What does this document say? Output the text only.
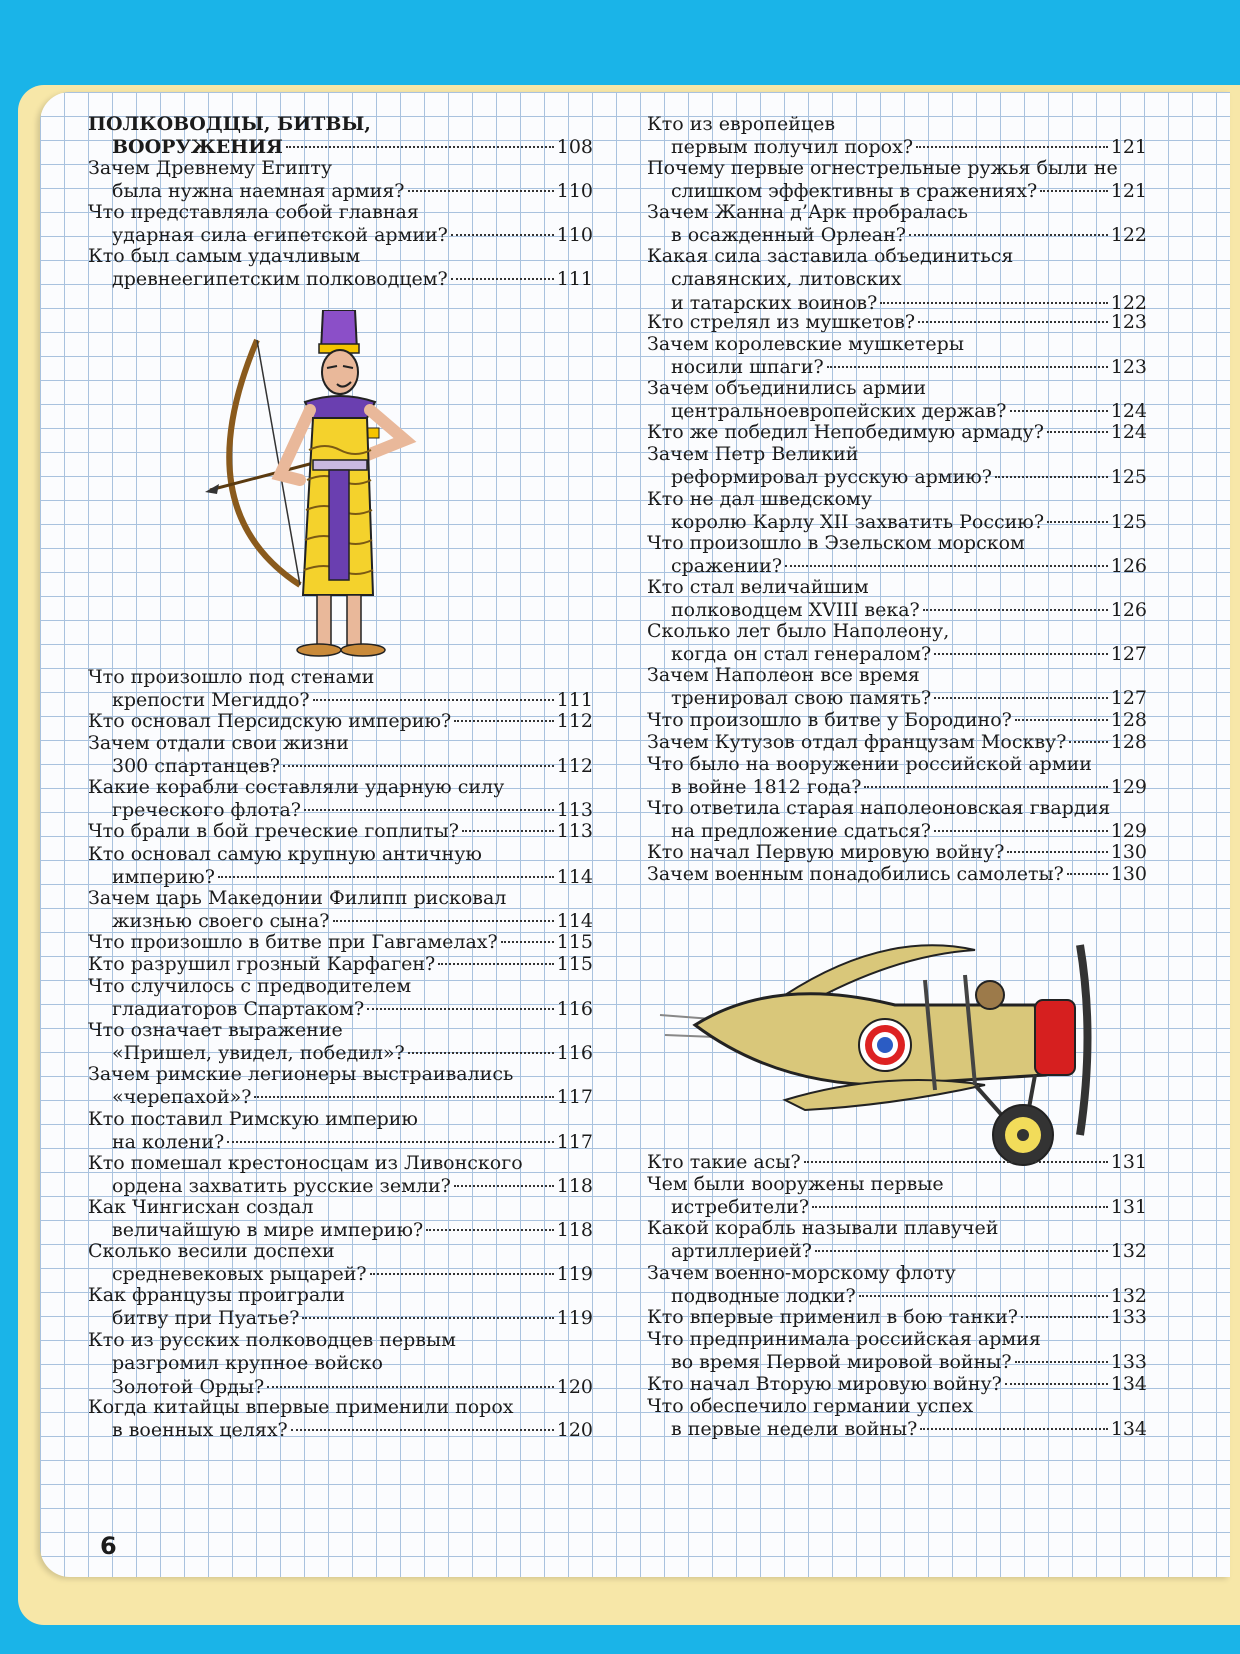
ПОЛКОВОДЦЫ, БИТВЫ,
ВООРУЖЕНИЯ	108
Зачем Древнему Египту
была нужна наемная армия?	110
Что представляла собой главная
ударная сила египетской армии?	110
Кто был самым удачливым
древнеегипетским полководцем?	111
Что произошло под стенами
крепости Мегиддо?	111
Кто основал Персидскую империю?	112
Зачем отдали свои жизни
300 спартанцев?	112
Какие корабли составляли ударную силу
греческого флота?	113
Что брали в бой греческие гоплиты?	113
Кто основал самую крупную античную
империю?	114
Зачем царь Македонии Филипп рисковал
жизнью своего сына?	114
Что произошло в битве при Гавгамелах?	115
Кто разрушил грозный Карфаген?	115
Что случилось с предводителем
гладиаторов Спартаком?	116
Что означает выражение
«Пришел, увидел, победил»?	116
Зачем римские легионеры выстраивались
«черепахой»?	117
Кто поставил Римскую империю
на колени?	117
Кто помешал крестоносцам из Ливонского
ордена захватить русские земли?	118
Как Чингисхан создал
величайшую в мире империю?	118
Сколько весили доспехи
средневековых рыцарей?	119
Как французы проиграли
битву при Пуатье?	119
Кто из русских полководцев первым
разгромил крупное войско
Золотой Орды?	120
Когда китайцы впервые применили порох
в военных целях?	120
Кто из европейцев
первым получил порох?	121
Почему первые огнестрельные ружья были не
слишком эффективны в сражениях?	121
Зачем Жанна д’Арк пробралась
в осажденный Орлеан?	122
Какая сила заставила объединиться
славянских, литовских
и татарских воинов?	122
Кто стрелял из мушкетов?	123
Зачем королевские мушкетеры
носили шпаги?	123
Зачем объединились армии
центральноевропейских держав?	124
Кто же победил Непобедимую армаду?	124
Зачем Петр Великий
реформировал русскую армию?	125
Кто не дал шведскому
королю Карлу XII захватить Россию?	125
Что произошло в Эзельском морском
сражении?	126
Кто стал величайшим
полководцем XVIII века?	126
Сколько лет было Наполеону,
когда он стал генералом?	127
Зачем Наполеон все время
тренировал свою память?	127
Что произошло в битве у Бородино?	128
Зачем Кутузов отдал французам Москву? 128
Что было на вооружении российской армии
в войне 1812 года?	129
Что ответила старая наполеоновская гвардия
на предложение сдаться?	129
Кто начал Первую мировую войну?	130
Зачем военным понадобились самолеты? 130
Кто такие асы?	131
Чем были вооружены первые
истребители?	131
Какой корабль называли плавучей
артиллерией?	132
Зачем военно-морскому флоту
подводные лодки?	132
Кто впервые применил в бою танки?	133
Что предпринимала российская армия
во время Первой мировой войны?	133
Кто начал Вторую мировую войну?	134
Что обеспечило германии успех
в первые недели войны?	134
6
